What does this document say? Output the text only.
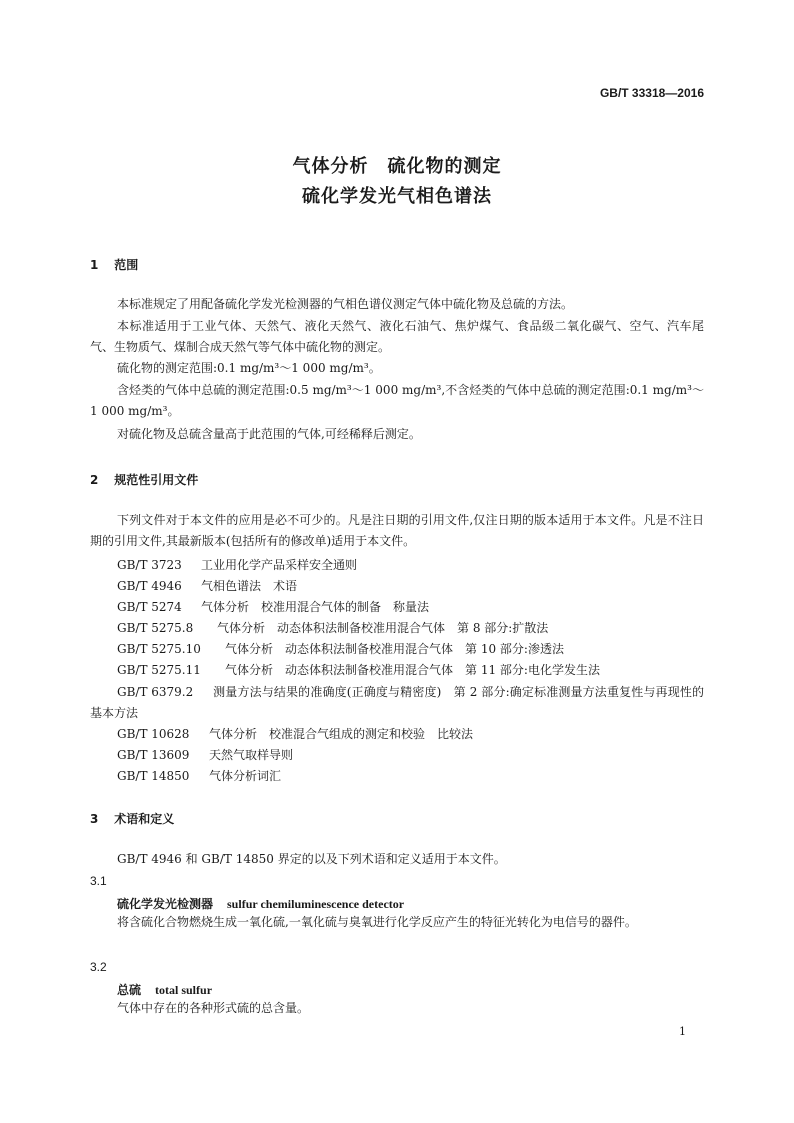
GB/T 33318—2016
气体分析　硫化物的测定
硫化学发光气相色谱法
1 范围
本标准规定了用配备硫化学发光检测器的气相色谱仪测定气体中硫化物及总硫的方法。
本标准适用于工业气体、天然气、液化天然气、液化石油气、焦炉煤气、食品级二氧化碳气、空气、汽车尾气、生物质气、煤制合成天然气等气体中硫化物的测定。
硫化物的测定范围:0.1 mg/m³～1 000 mg/m³。
含烃类的气体中总硫的测定范围:0.5 mg/m³～1 000 mg/m³,不含烃类的气体中总硫的测定范围:0.1 mg/m³～1 000 mg/m³。
对硫化物及总硫含量高于此范围的气体,可经稀释后测定。
2 规范性引用文件
下列文件对于本文件的应用是必不可少的。凡是注日期的引用文件,仅注日期的版本适用于本文件。凡是不注日期的引用文件,其最新版本(包括所有的修改单)适用于本文件。
GB/T 3723 工业用化学产品采样安全通则
GB/T 4946 气相色谱法　术语
GB/T 5274 气体分析　校准用混合气体的制备　称量法
GB/T 5275.8 气体分析　动态体积法制备校准用混合气体　第 8 部分:扩散法
GB/T 5275.10 气体分析　动态体积法制备校准用混合气体　第 10 部分:渗透法
GB/T 5275.11 气体分析　动态体积法制备校准用混合气体　第 11 部分:电化学发生法
GB/T 6379.2 测量方法与结果的准确度(正确度与精密度)　第 2 部分:确定标准测量方法重复性与再现性的基本方法
GB/T 10628 气体分析　校准混合气组成的测定和校验　比较法
GB/T 13609 天然气取样导则
GB/T 14850 气体分析词汇
3 术语和定义
GB/T 4946 和 GB/T 14850 界定的以及下列术语和定义适用于本文件。
3.1
硫化学发光检测器 sulfur chemiluminescence detector
将含硫化合物燃烧生成一氧化硫,一氧化硫与臭氧进行化学反应产生的特征光转化为电信号的器件。
3.2
总硫 total sulfur
气体中存在的各种形式硫的总含量。
1
